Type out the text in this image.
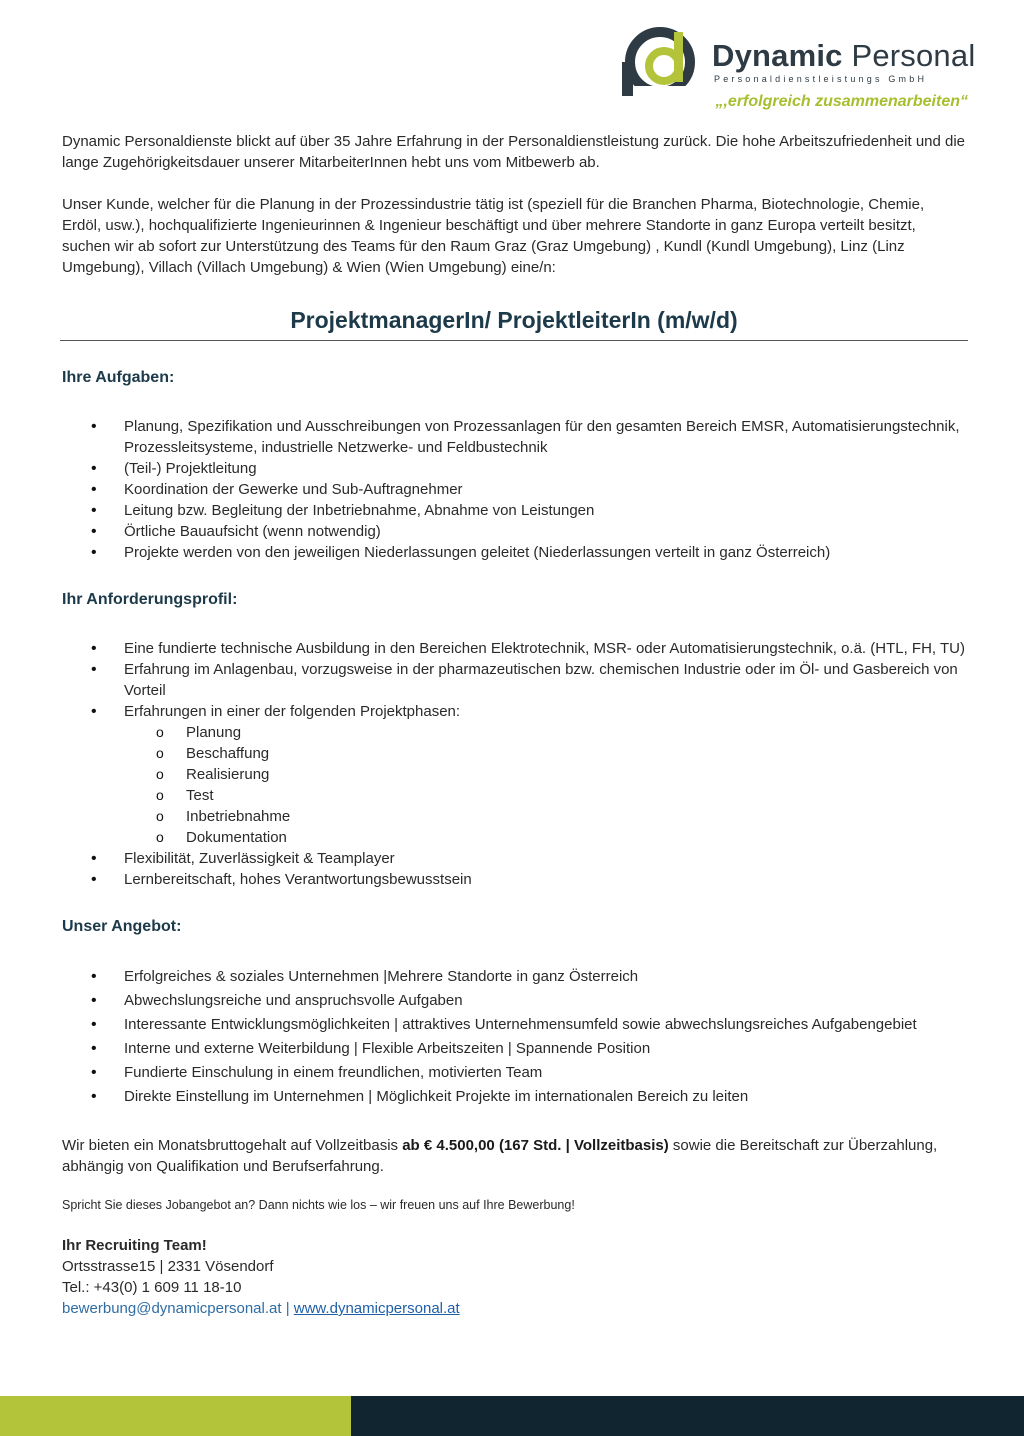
Dynamic Personal
Personaldienstleistungs GmbH
„,erfolgreich zusammenarbeiten“

Dynamic Personaldienste blickt auf über 35 Jahre Erfahrung in der Personaldienstleistung zurück. Die hohe Arbeitszufriedenheit und die lange Zugehörigkeitsdauer unserer MitarbeiterInnen hebt uns vom Mitbewerb ab.

Unser Kunde, welcher für die Planung in der Prozessindustrie tätig ist (speziell für die Branchen Pharma, Biotechnologie, Chemie, Erdöl, usw.), hochqualifizierte Ingenieurinnen & Ingenieur beschäftigt und über mehrere Standorte in ganz Europa verteilt besitzt, suchen wir ab sofort zur Unterstützung des Teams für den Raum Graz (Graz Umgebung) , Kundl (Kundl Umgebung), Linz (Linz Umgebung), Villach (Villach Umgebung) & Wien (Wien Umgebung) eine/n:

ProjektmanagerIn/ ProjektleiterIn (m/w/d)
Ihre Aufgaben:
• Planung, Spezifikation und Ausschreibungen von Prozessanlagen für den gesamten Bereich EMSR, Automatisierungstechnik, Prozessleitsysteme, industrielle Netzwerke- und Feldbustechnik
• (Teil-) Projektleitung
• Koordination der Gewerke und Sub-Auftragnehmer
• Leitung bzw. Begleitung der Inbetriebnahme, Abnahme von Leistungen
• Örtliche Bauaufsicht (wenn notwendig)
• Projekte werden von den jeweiligen Niederlassungen geleitet (Niederlassungen verteilt in ganz Österreich)
Ihr Anforderungsprofil:
• Eine fundierte technische Ausbildung in den Bereichen Elektrotechnik, MSR- oder Automatisierungstechnik, o.ä. (HTL, FH, TU)
• Erfahrung im Anlagenbau, vorzugsweise in der pharmazeutischen bzw. chemischen Industrie oder im Öl- und Gasbereich von Vorteil
• Erfahrungen in einer der folgenden Projektphasen:
o Planung
o Beschaffung
o Realisierung
o Test
o Inbetriebnahme
o Dokumentation
• Flexibilität, Zuverlässigkeit & Teamplayer
• Lernbereitschaft, hohes Verantwortungsbewusstsein
Unser Angebot:
• Erfolgreiches & soziales Unternehmen |Mehrere Standorte in ganz Österreich
• Abwechslungsreiche und anspruchsvolle Aufgaben
• Interessante Entwicklungsmöglichkeiten | attraktives Unternehmensumfeld sowie abwechslungsreiches Aufgabengebiet
• Interne und externe Weiterbildung | Flexible Arbeitszeiten | Spannende Position
• Fundierte Einschulung in einem freundlichen, motivierten Team
• Direkte Einstellung im Unternehmen | Möglichkeit Projekte im internationalen Bereich zu leiten

Wir bieten ein Monatsbruttogehalt auf Vollzeitbasis ab € 4.500,00 (167 Std. | Vollzeitbasis) sowie die Bereitschaft zur Überzahlung, abhängig von Qualifikation und Berufserfahrung.

Spricht Sie dieses Jobangebot an? Dann nichts wie los – wir freuen uns auf Ihre Bewerbung!

Ihr Recruiting Team!

Ortsstrasse15 | 2331 Vösendorf

Tel.: +43(0) 1 609 11 18-10

bewerbung@dynamicpersonal.at | www.dynamicpersonal.at
